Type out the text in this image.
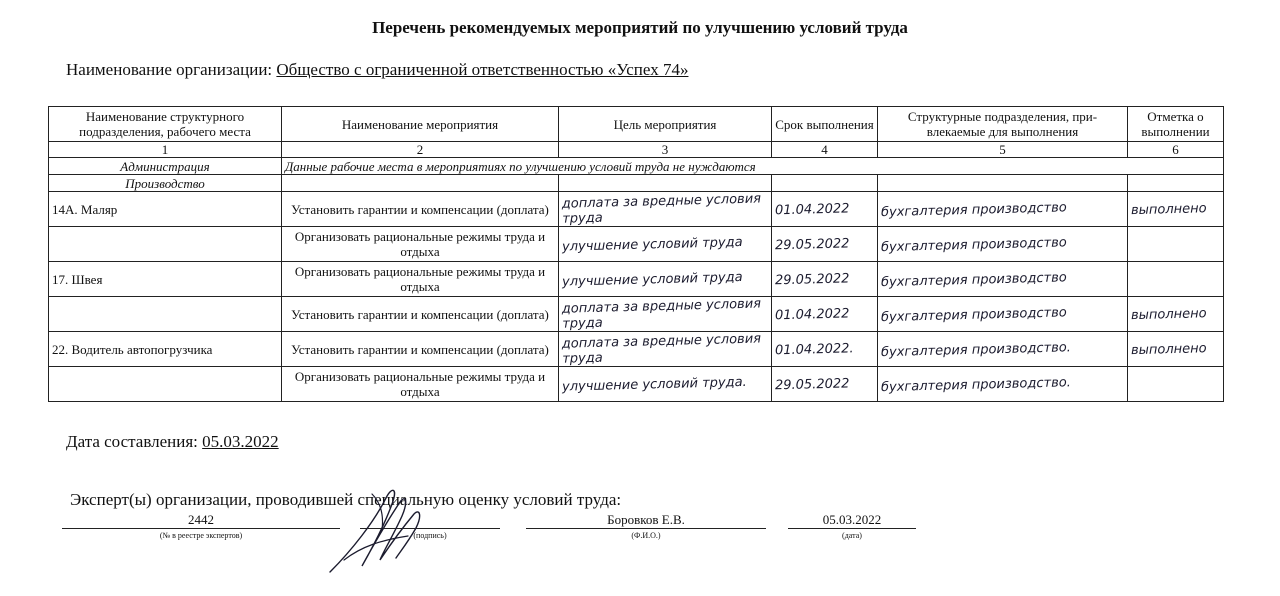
Перечень рекомендуемых мероприятий по улучшению условий труда
Наименование организации: Общество с ограниченной ответственностью «Успех 74»
Наименование структурного подразделения, рабочего места	Наименование мероприятия	Цель мероприятия	Срок выполнения	Структурные подразделения, при-влекаемые для выполнения	Отметка о выполнении
1	2	3	4	5	6
Администрация	Данные рабочие места в мероприятиях по улучшению условий труда не нуждаются				
Производство					
14А. Маляр	Установить гарантии и компенсации (доплата)	доплата за вредные условия труда	01.04.2022	бухгалтерия производство	выполнено

	Организовать рациональные режимы труда и отдыха	улучшение условий труда	29.05.2022	бухгалтерия производство	

17. Швея	Организовать рациональные режимы труда и отдыха	улучшение условий труда	29.05.2022	бухгалтерия производство	

	Установить гарантии и компенсации (доплата)	доплата за вредные условия труда	01.04.2022	бухгалтерия производство	выполнено

22. Водитель автопогрузчика	Установить гарантии и компенсации (доплата)	доплата за вредные условия труда	01.04.2022.	бухгалтерия производство.	выполнено

	Организовать рациональные режимы труда и отдыха	улучшение условий труда.	29.05.2022	бухгалтерия производство.	

Дата составления: 05.03.2022
Эксперт(ы) организации, проводившей специальную оценку условий труда:
2442
(№ в реестре экспертов)	(подпись)
Боровков Е.В.
(Ф.И.О.)
05.03.2022
(дата)
